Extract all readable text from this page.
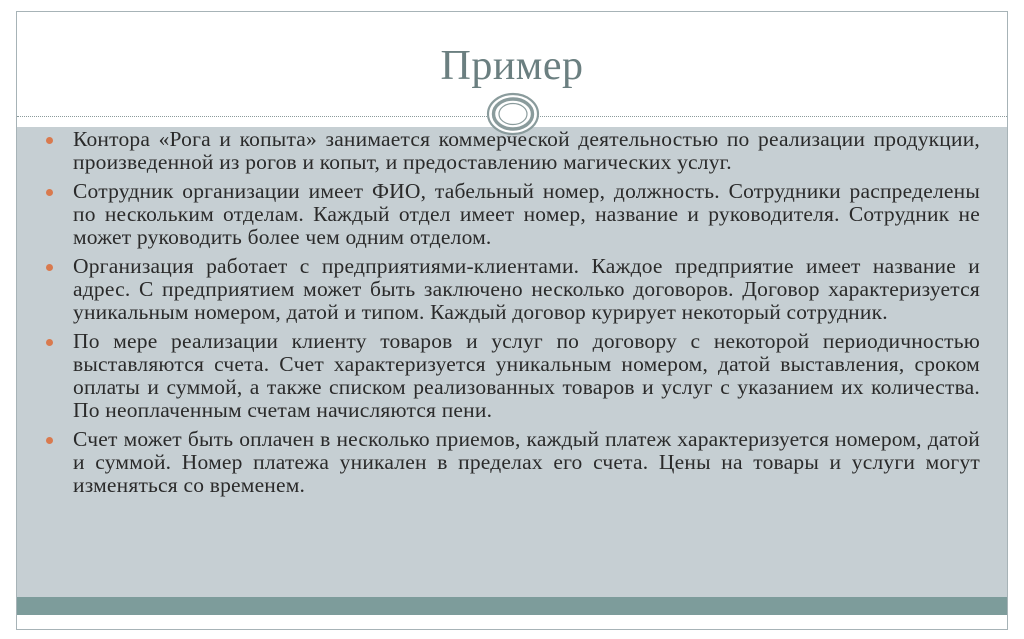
Пример
Контора «Рога и копыта» занимается коммерческой деятельностью по реализации продукции, произведенной из рогов и копыт, и предоставлению магических услуг.
Сотрудник организации имеет ФИО, табельный номер, должность. Сотрудники распределены по нескольким отделам. Каждый отдел имеет номер, название и руководителя. Сотрудник не может руководить более чем одним отделом.
Организация работает с предприятиями-клиентами. Каждое предприятие имеет название и адрес. С предприятием может быть заключено несколько договоров. Договор характеризуется уникальным номером, датой и типом. Каждый договор курирует некоторый сотрудник.
По мере реализации клиенту товаров и услуг по договору с некоторой периодичностью выставляются счета. Счет характеризуется уникальным номером, датой выставления, сроком оплаты и суммой, а также списком реализованных товаров и услуг с указанием их количества. По неоплаченным счетам начисляются пени.
Счет может быть оплачен в несколько приемов, каждый платеж характеризуется номером, датой и суммой. Номер платежа уникален в пределах его счета. Цены на товары и услуги могут изменяться со временем.
